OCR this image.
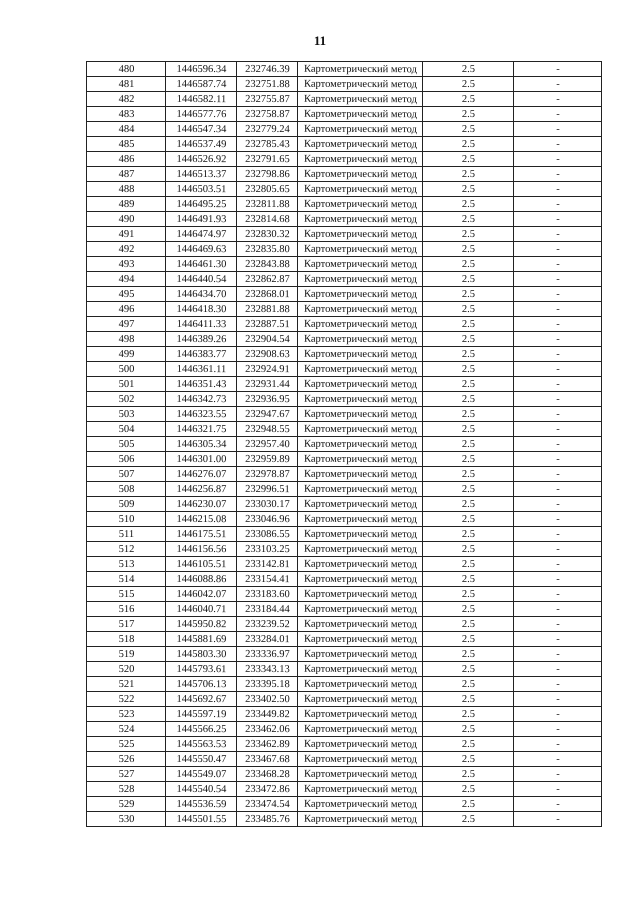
11
480	1446596.34	232746.39	Картометрический метод	2.5	-
481	1446587.74	232751.88	Картометрический метод	2.5	-
482	1446582.11	232755.87	Картометрический метод	2.5	-
483	1446577.76	232758.87	Картометрический метод	2.5	-
484	1446547.34	232779.24	Картометрический метод	2.5	-
485	1446537.49	232785.43	Картометрический метод	2.5	-
486	1446526.92	232791.65	Картометрический метод	2.5	-
487	1446513.37	232798.86	Картометрический метод	2.5	-
488	1446503.51	232805.65	Картометрический метод	2.5	-
489	1446495.25	232811.88	Картометрический метод	2.5	-
490	1446491.93	232814.68	Картометрический метод	2.5	-
491	1446474.97	232830.32	Картометрический метод	2.5	-
492	1446469.63	232835.80	Картометрический метод	2.5	-
493	1446461.30	232843.88	Картометрический метод	2.5	-
494	1446440.54	232862.87	Картометрический метод	2.5	-
495	1446434.70	232868.01	Картометрический метод	2.5	-
496	1446418.30	232881.88	Картометрический метод	2.5	-
497	1446411.33	232887.51	Картометрический метод	2.5	-
498	1446389.26	232904.54	Картометрический метод	2.5	-
499	1446383.77	232908.63	Картометрический метод	2.5	-
500	1446361.11	232924.91	Картометрический метод	2.5	-
501	1446351.43	232931.44	Картометрический метод	2.5	-
502	1446342.73	232936.95	Картометрический метод	2.5	-
503	1446323.55	232947.67	Картометрический метод	2.5	-
504	1446321.75	232948.55	Картометрический метод	2.5	-
505	1446305.34	232957.40	Картометрический метод	2.5	-
506	1446301.00	232959.89	Картометрический метод	2.5	-
507	1446276.07	232978.87	Картометрический метод	2.5	-
508	1446256.87	232996.51	Картометрический метод	2.5	-
509	1446230.07	233030.17	Картометрический метод	2.5	-
510	1446215.08	233046.96	Картометрический метод	2.5	-
511	1446175.51	233086.55	Картометрический метод	2.5	-
512	1446156.56	233103.25	Картометрический метод	2.5	-
513	1446105.51	233142.81	Картометрический метод	2.5	-
514	1446088.86	233154.41	Картометрический метод	2.5	-
515	1446042.07	233183.60	Картометрический метод	2.5	-
516	1446040.71	233184.44	Картометрический метод	2.5	-
517	1445950.82	233239.52	Картометрический метод	2.5	-
518	1445881.69	233284.01	Картометрический метод	2.5	-
519	1445803.30	233336.97	Картометрический метод	2.5	-
520	1445793.61	233343.13	Картометрический метод	2.5	-
521	1445706.13	233395.18	Картометрический метод	2.5	-
522	1445692.67	233402.50	Картометрический метод	2.5	-
523	1445597.19	233449.82	Картометрический метод	2.5	-
524	1445566.25	233462.06	Картометрический метод	2.5	-
525	1445563.53	233462.89	Картометрический метод	2.5	-
526	1445550.47	233467.68	Картометрический метод	2.5	-
527	1445549.07	233468.28	Картометрический метод	2.5	-
528	1445540.54	233472.86	Картометрический метод	2.5	-
529	1445536.59	233474.54	Картометрический метод	2.5	-
530	1445501.55	233485.76	Картометрический метод	2.5	-
